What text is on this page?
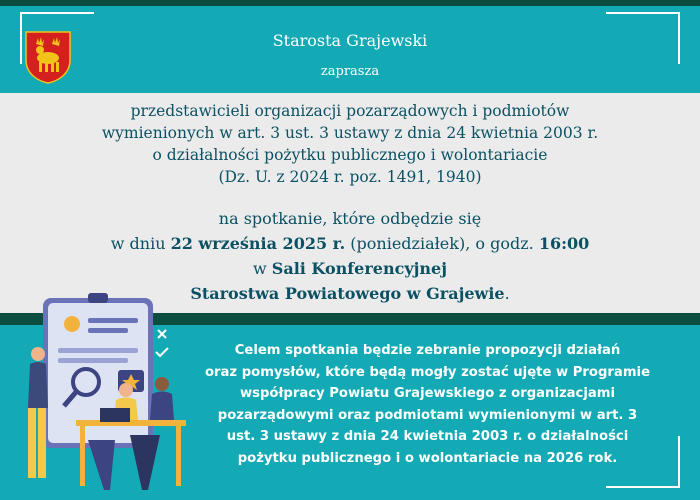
Starosta Grajewski
zaprasza
przedstawicieli organizacji pozarządowych i podmiotów
wymienionych w art. 3 ust. 3 ustawy z dnia 24 kwietnia 2003 r.
o działalności pożytku publicznego i wolontariacie
(Dz. U. z 2024 r. poz. 1491, 1940)
na spotkanie, które odbędzie się
w dniu 22 września 2025 r. (poniedziałek), o godz. 16:00
w Sali Konferencyjnej
Starostwa Powiatowego w Grajewie.
Celem spotkania będzie zebranie propozycji działań
oraz pomysłów, które będą mogły zostać ujęte w Programie
współpracy Powiatu Grajewskiego z organizacjami
pozarządowymi oraz podmiotami wymienionymi w art. 3
ust. 3 ustawy z dnia 24 kwietnia 2003 r. o działalności
pożytku publicznego i o wolontariacie na 2026 rok.
